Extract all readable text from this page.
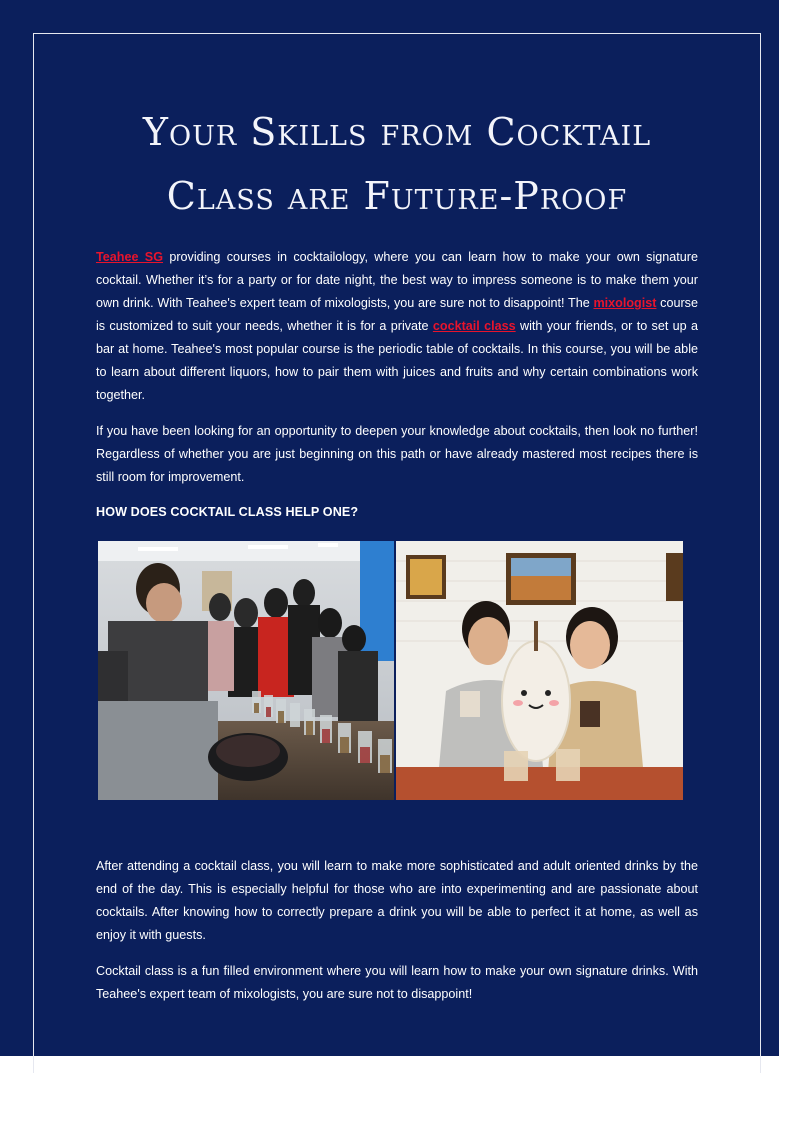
Your Skills from Cocktail
Class are Future-Proof

Teahee SG providing courses in cocktailology, where you can learn how to make your own signature cocktail. Whether it’s for a party or for date night, the best way to impress someone is to make them your own drink. With Teahee's expert team of mixologists, you are sure not to disappoint! The mixologist course is customized to suit your needs, whether it is for a private cocktail class with your friends, or to set up a bar at home. Teahee's most popular course is the periodic table of cocktails. In this course, you will be able to learn about different liquors, how to pair them with juices and fruits and why certain combinations work together.

If you have been looking for an opportunity to deepen your knowledge about cocktails, then look no further! Regardless of whether you are just beginning on this path or have already mastered most recipes there is still room for improvement.

HOW DOES COCKTAIL CLASS HELP ONE?

After attending a cocktail class, you will learn to make more sophisticated and adult oriented drinks by the end of the day. This is especially helpful for those who are into experimenting and are passionate about cocktails. After knowing how to correctly prepare a drink you will be able to perfect it at home, as well as enjoy it with guests.

Cocktail class is a fun filled environment where you will learn how to make your own signature drinks. With Teahee's expert team of mixologists, you are sure not to disappoint!
